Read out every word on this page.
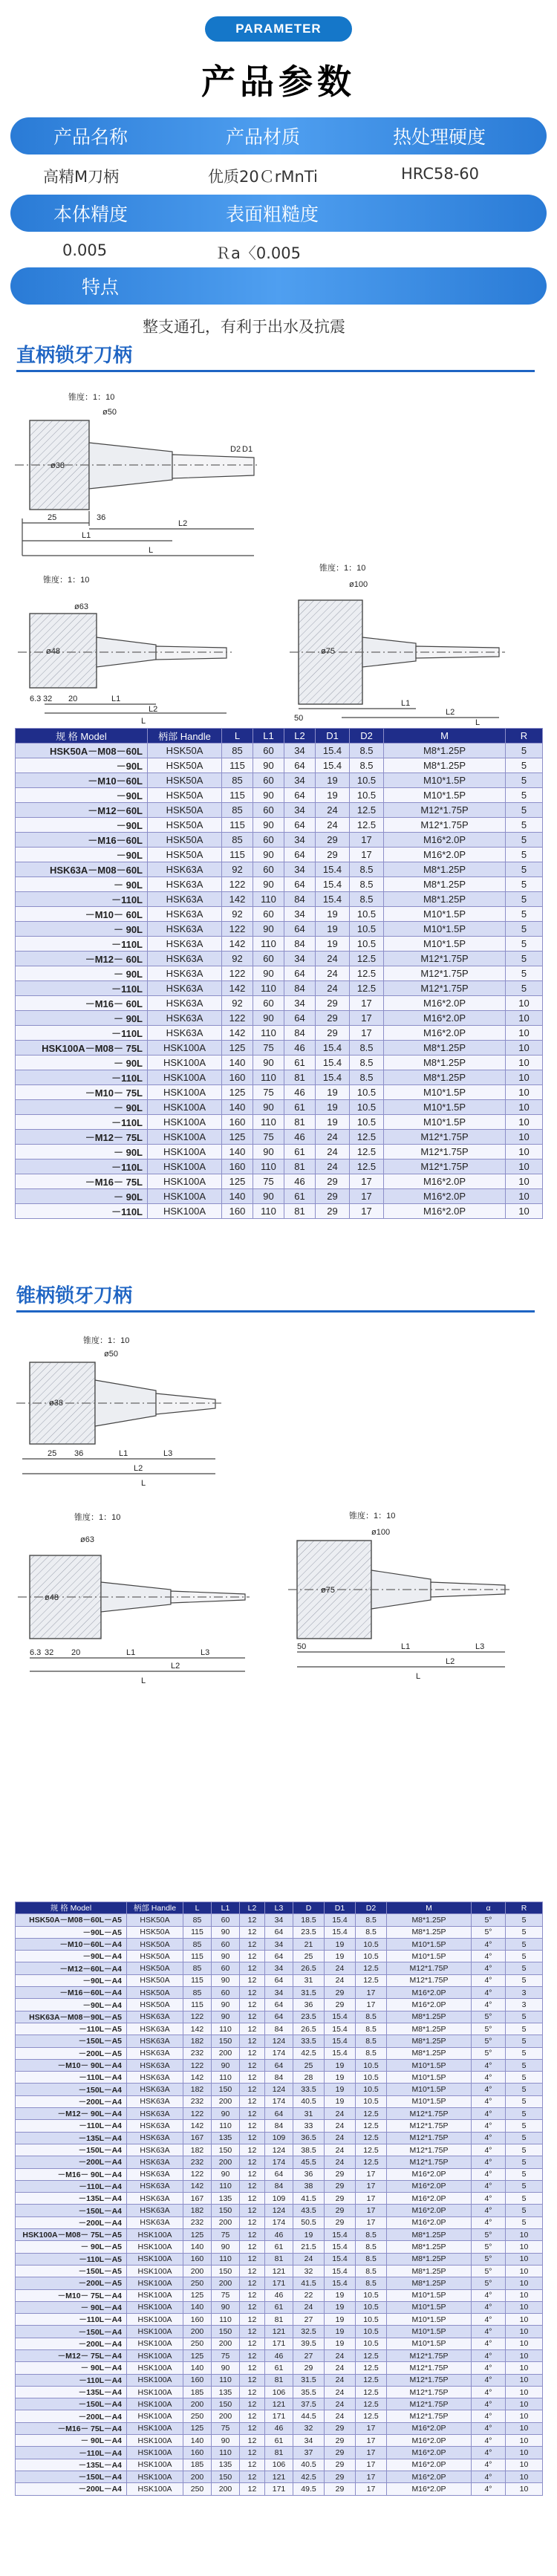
PARAMETER
产品参数
产品名称	产品材质	热处理硬度
高精M刀柄	优质20ＣrMnTi	HRC58-60
本体精度	表面粗糙度
0.005	Ｒa〈0.005
特点
整支通孔，有利于出水及抗震
直柄锁牙刀柄
锥度：1：10
ø50
ø38
25	36
L1
L2
L
D2 D1
锥度：1：10
ø63
ø48
6.3 32 20	L1
L2
L
锥度：1：10
ø100
ø75
50
L1
L2
L
规 格 Model	柄部 Handle	L	L1	L2	D1	D2	M	R
HSK50A－M08－60L	HSK50A	85	60	34	15.4	8.5	M8*1.25P	5
－90L	HSK50A	115	90	64	15.4	8.5	M8*1.25P	5
－M10－60L	HSK50A	85	60	34	19	10.5	M10*1.5P	5
－90L	HSK50A	115	90	64	19	10.5	M10*1.5P	5
－M12－60L	HSK50A	85	60	34	24	12.5	M12*1.75P	5
－90L	HSK50A	115	90	64	24	12.5	M12*1.75P	5
－M16－60L	HSK50A	85	60	34	29	17	M16*2.0P	5
－90L	HSK50A	115	90	64	29	17	M16*2.0P	5
HSK63A－M08－60L	HSK63A	92	60	34	15.4	8.5	M8*1.25P	5
－ 90L	HSK63A	122	90	64	15.4	8.5	M8*1.25P	5
－110L	HSK63A	142	110	84	15.4	8.5	M8*1.25P	5
－M10－ 60L	HSK63A	92	60	34	19	10.5	M10*1.5P	5
－ 90L	HSK63A	122	90	64	19	10.5	M10*1.5P	5
－110L	HSK63A	142	110	84	19	10.5	M10*1.5P	5
－M12－ 60L	HSK63A	92	60	34	24	12.5	M12*1.75P	5
－ 90L	HSK63A	122	90	64	24	12.5	M12*1.75P	5
－110L	HSK63A	142	110	84	24	12.5	M12*1.75P	5
－M16－ 60L	HSK63A	92	60	34	29	17	M16*2.0P	10
－ 90L	HSK63A	122	90	64	29	17	M16*2.0P	10
－110L	HSK63A	142	110	84	29	17	M16*2.0P	10
HSK100A－M08－ 75L	HSK100A	125	75	46	15.4	8.5	M8*1.25P	10
－ 90L	HSK100A	140	90	61	15.4	8.5	M8*1.25P	10
－110L	HSK100A	160	110	81	15.4	8.5	M8*1.25P	10
－M10－ 75L	HSK100A	125	75	46	19	10.5	M10*1.5P	10
－ 90L	HSK100A	140	90	61	19	10.5	M10*1.5P	10
－110L	HSK100A	160	110	81	19	10.5	M10*1.5P	10
－M12－ 75L	HSK100A	125	75	46	24	12.5	M12*1.75P	10
－ 90L	HSK100A	140	90	61	24	12.5	M12*1.75P	10
－110L	HSK100A	160	110	81	24	12.5	M12*1.75P	10
－M16－ 75L	HSK100A	125	75	46	29	17	M16*2.0P	10
－ 90L	HSK100A	140	90	61	29	17	M16*2.0P	10
－110L	HSK100A	160	110	81	29	17	M16*2.0P	10
锥柄锁牙刀柄
锥度：1：10
ø50
ø38
25 36	L1
L2
L3
L
锥度：1：10
ø63
ø48
6.3 32 20	L1
L2
L3
L
锥度：1：10
ø100
ø75
50	L1
L2
L3
L
规 格 Model	柄部 Handle	L	L1	L2	L3	D	D1	D2	M	α	R
HSK50A－M08－60L－A5	HSK50A	85	60	12	34	18.5	15.4	8.5	M8*1.25P	5°	5
－90L－A5	HSK50A	115	90	12	64	23.5	15.4	8.5	M8*1.25P	5°	5
－M10－60L－A4	HSK50A	85	60	12	34	21	19	10.5	M10*1.5P	4°	5
－90L－A4	HSK50A	115	90	12	64	25	19	10.5	M10*1.5P	4°	5
－M12－60L－A4	HSK50A	85	60	12	34	26.5	24	12.5	M12*1.75P	4°	5
－90L－A4	HSK50A	115	90	12	64	31	24	12.5	M12*1.75P	4°	5
－M16－60L－A4	HSK50A	85	60	12	34	31.5	29	17	M16*2.0P	4°	3
－90L－A4	HSK50A	115	90	12	64	36	29	17	M16*2.0P	4°	3
HSK63A－M08－90L－A5	HSK63A	122	90	12	64	23.5	15.4	8.5	M8*1.25P	5°	5
－110L－A5	HSK63A	142	110	12	84	26.5	15.4	8.5	M8*1.25P	5°	5
－150L－A5	HSK63A	182	150	12	124	33.5	15.4	8.5	M8*1.25P	5°	5
－200L－A5	HSK63A	232	200	12	174	42.5	15.4	8.5	M8*1.25P	5°	5
－M10－ 90L－A4	HSK63A	122	90	12	64	25	19	10.5	M10*1.5P	4°	5
－110L－A4	HSK63A	142	110	12	84	28	19	10.5	M10*1.5P	4°	5
－150L－A4	HSK63A	182	150	12	124	33.5	19	10.5	M10*1.5P	4°	5
－200L－A4	HSK63A	232	200	12	174	40.5	19	10.5	M10*1.5P	4°	5
－M12－ 90L－A4	HSK63A	122	90	12	64	31	24	12.5	M12*1.75P	4°	5
－110L－A4	HSK63A	142	110	12	84	33	24	12.5	M12*1.75P	4°	5
－135L－A4	HSK63A	167	135	12	109	36.5	24	12.5	M12*1.75P	4°	5
－150L－A4	HSK63A	182	150	12	124	38.5	24	12.5	M12*1.75P	4°	5
－200L－A4	HSK63A	232	200	12	174	45.5	24	12.5	M12*1.75P	4°	5
－M16－ 90L－A4	HSK63A	122	90	12	64	36	29	17	M16*2.0P	4°	5
－110L－A4	HSK63A	142	110	12	84	38	29	17	M16*2.0P	4°	5
－135L－A4	HSK63A	167	135	12	109	41.5	29	17	M16*2.0P	4°	5
－150L－A4	HSK63A	182	150	12	124	43.5	29	17	M16*2.0P	4°	5
－200L－A4	HSK63A	232	200	12	174	50.5	29	17	M16*2.0P	4°	5
HSK100A－M08－ 75L－A5	HSK100A	125	75	12	46	19	15.4	8.5	M8*1.25P	5°	10
－ 90L－A5	HSK100A	140	90	12	61	21.5	15.4	8.5	M8*1.25P	5°	10
－110L－A5	HSK100A	160	110	12	81	24	15.4	8.5	M8*1.25P	5°	10
－150L－A5	HSK100A	200	150	12	121	32	15.4	8.5	M8*1.25P	5°	10
－200L－A5	HSK100A	250	200	12	171	41.5	15.4	8.5	M8*1.25P	5°	10
－M10－ 75L－A4	HSK100A	125	75	12	46	22	19	10.5	M10*1.5P	4°	10
－ 90L－A4	HSK100A	140	90	12	61	24	19	10.5	M10*1.5P	4°	10
－110L－A4	HSK100A	160	110	12	81	27	19	10.5	M10*1.5P	4°	10
－150L－A4	HSK100A	200	150	12	121	32.5	19	10.5	M10*1.5P	4°	10
－200L－A4	HSK100A	250	200	12	171	39.5	19	10.5	M10*1.5P	4°	10
－M12－ 75L－A4	HSK100A	125	75	12	46	27	24	12.5	M12*1.75P	4°	10
－ 90L－A4	HSK100A	140	90	12	61	29	24	12.5	M12*1.75P	4°	10
－110L－A4	HSK100A	160	110	12	81	31.5	24	12.5	M12*1.75P	4°	10
－135L－A4	HSK100A	185	135	12	106	35.5	24	12.5	M12*1.75P	4°	10
－150L－A4	HSK100A	200	150	12	121	37.5	24	12.5	M12*1.75P	4°	10
－200L－A4	HSK100A	250	200	12	171	44.5	24	12.5	M12*1.75P	4°	10
－M16－ 75L－A4	HSK100A	125	75	12	46	32	29	17	M16*2.0P	4°	10
－ 90L－A4	HSK100A	140	90	12	61	34	29	17	M16*2.0P	4°	10
－110L－A4	HSK100A	160	110	12	81	37	29	17	M16*2.0P	4°	10
－135L－A4	HSK100A	185	135	12	106	40.5	29	17	M16*2.0P	4°	10
－150L－A4	HSK100A	200	150	12	121	42.5	29	17	M16*2.0P	4°	10
－200L－A4	HSK100A	250	200	12	171	49.5	29	17	M16*2.0P	4°	10
